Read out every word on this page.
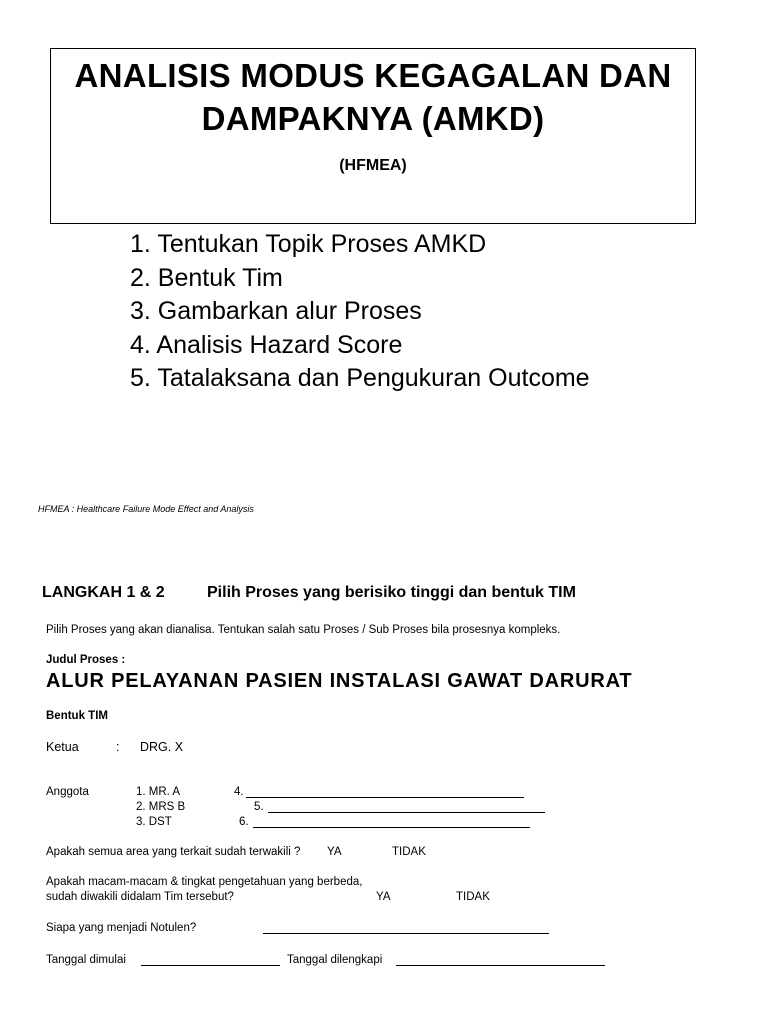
ANALISIS MODUS KEGAGALAN DAN
DAMPAKNYA (AMKD)
(HFMEA)
1. Tentukan Topik Proses AMKD
2. Bentuk Tim
3. Gambarkan alur Proses
4. Analisis Hazard Score
5. Tatalaksana dan Pengukuran Outcome
HFMEA : Healthcare Failure Mode Effect and Analysis
LANGKAH 1 & 2	Pilih Proses yang berisiko tinggi dan bentuk TIM
Pilih Proses yang akan dianalisa. Tentukan salah satu Proses / Sub Proses bila prosesnya kompleks.
Judul Proses :
ALUR PELAYANAN PASIEN INSTALASI GAWAT DARURAT
Bentuk TIM
Ketua	: DRG. X
Anggota	1. MR. A
2. MRS B
3. DST
4.
5.
6.
Apakah semua area yang terkait sudah terwakili ? YA	TIDAK
Apakah macam-macam & tingkat pengetahuan yang berbeda,
sudah diwakili didalam Tim tersebut?	YA	TIDAK
Siapa yang menjadi Notulen?
Tanggal dimulai	Tanggal dilengkapi
